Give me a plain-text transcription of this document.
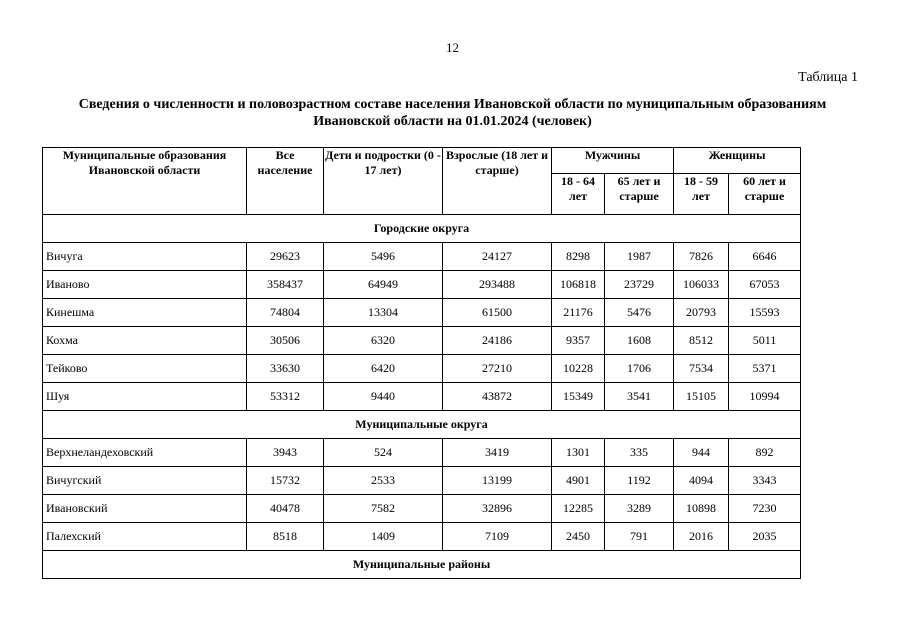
12
Таблица 1
Сведения о численности и половозрастном составе населения Ивановской области по муниципальным образованиям
Ивановской области на 01.01.2024 (человек)
Муниципальные образования Ивановской области	Все население	Дети и подростки (0 - 17 лет)	Взрослые (18 лет и старше)	Мужчины		Женщины	
				18 - 64 лет	65 лет и старше	18 - 59 лет	60 лет и старше
Городские округа							
Вичуга	29623	5496	24127	8298	1987	7826	6646
Иваново	358437	64949	293488	106818	23729	106033	67053
Кинешма	74804	13304	61500	21176	5476	20793	15593
Кохма	30506	6320	24186	9357	1608	8512	5011
Тейково	33630	6420	27210	10228	1706	7534	5371
Шуя	53312	9440	43872	15349	3541	15105	10994
Муниципальные округа							
Верхнеландеховский	3943	524	3419	1301	335	944	892
Вичугский	15732	2533	13199	4901	1192	4094	3343
Ивановский	40478	7582	32896	12285	3289	10898	7230
Палехский	8518	1409	7109	2450	791	2016	2035
Муниципальные районы							
